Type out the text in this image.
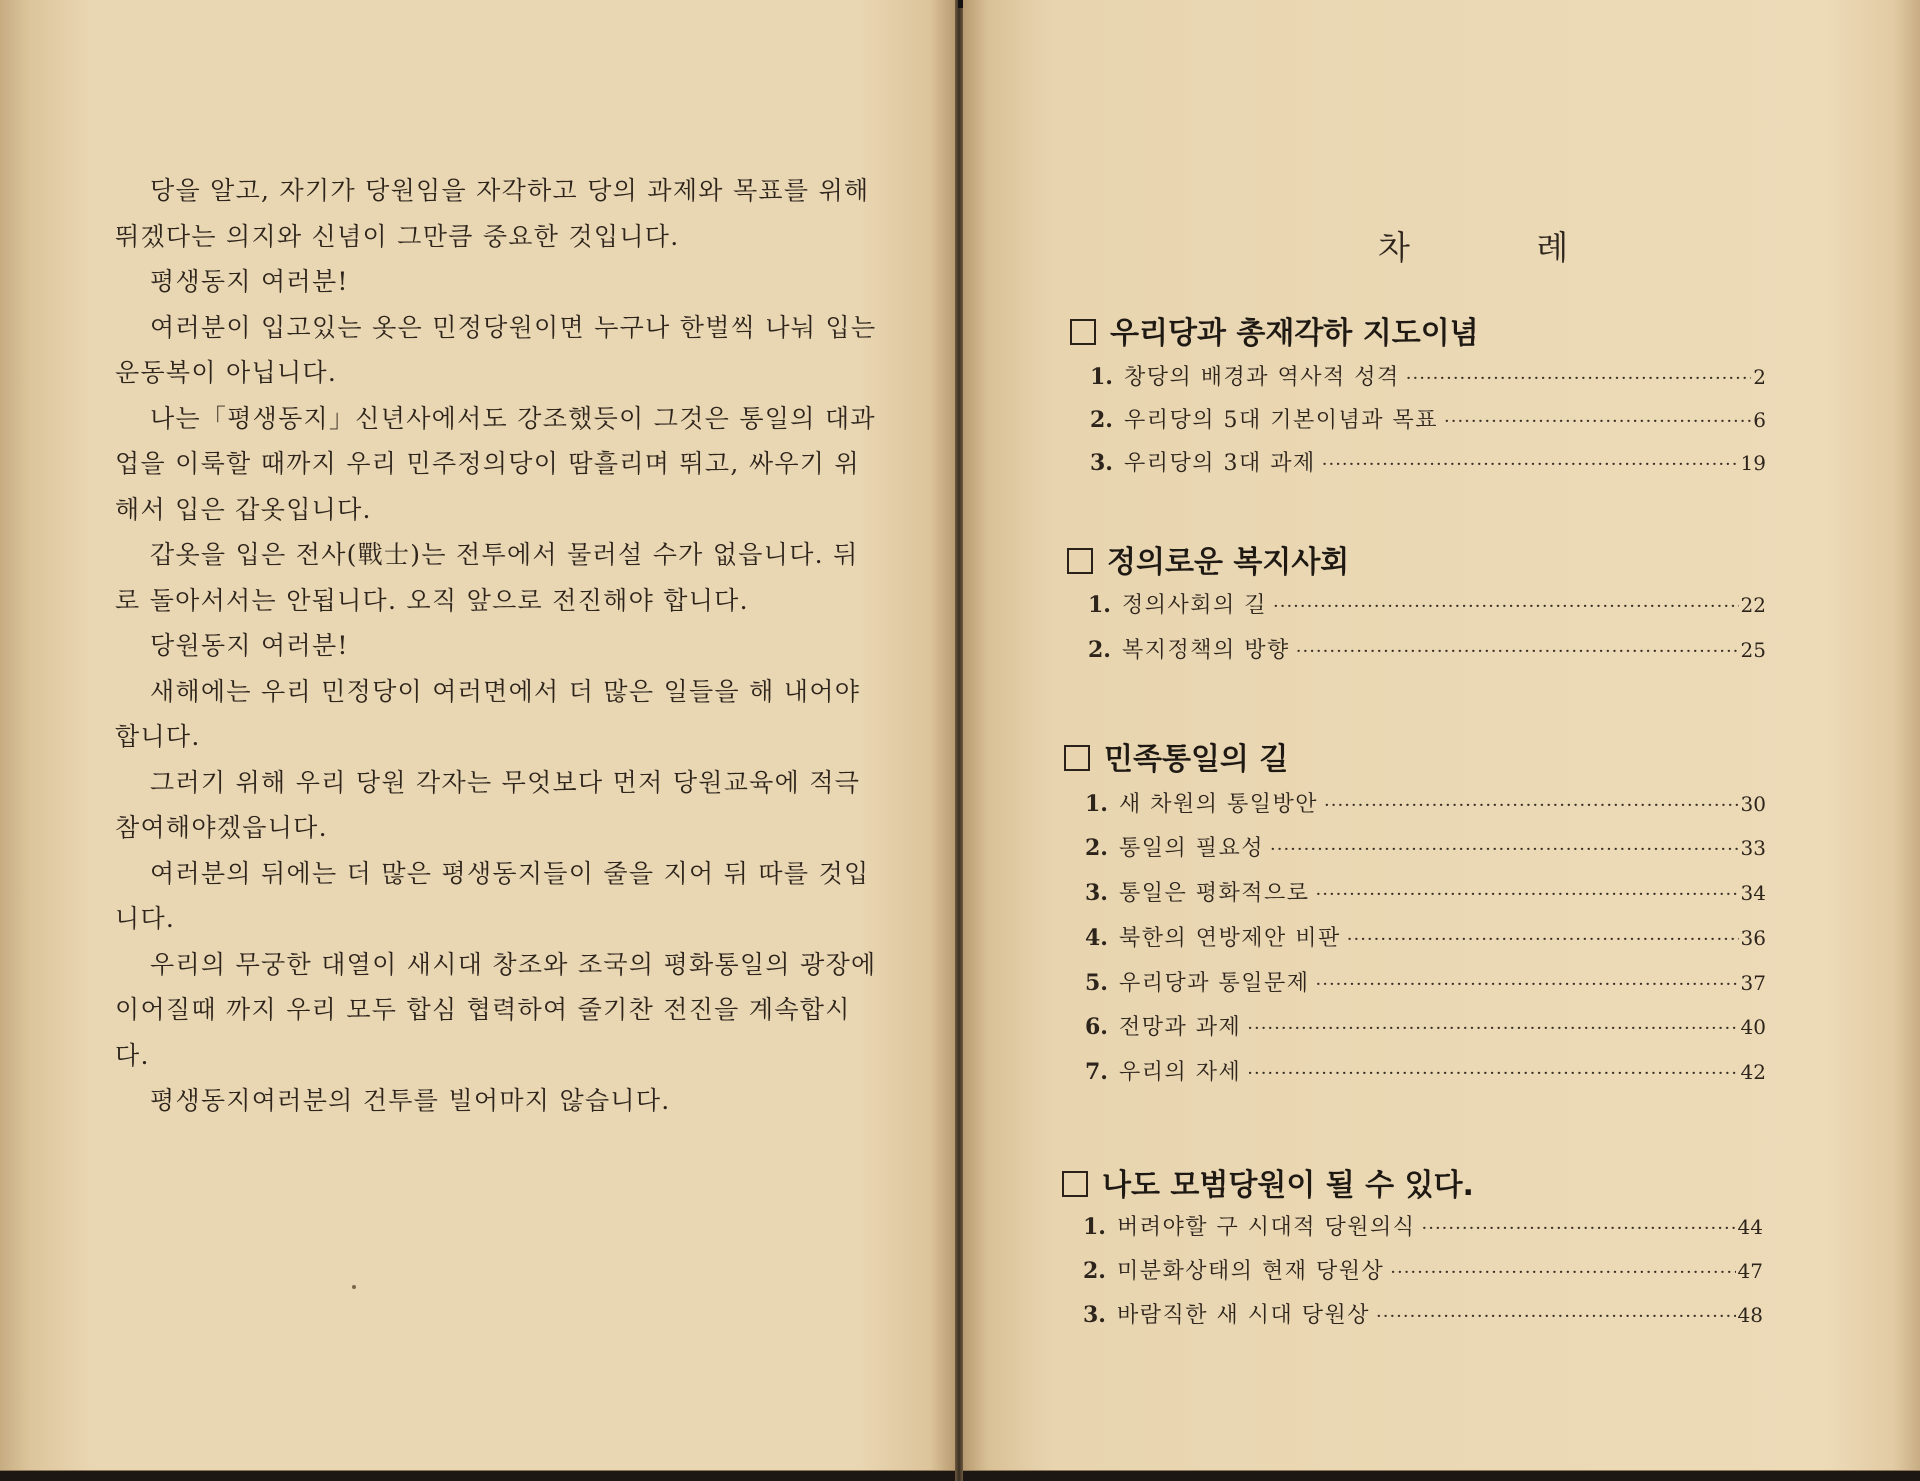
당을 알고, 자기가 당원임을 자각하고 당의 과제와 목표를 위해
뛰겠다는 의지와 신념이 그만큼 중요한 것입니다.
평생동지 여러분!
여러분이 입고있는 옷은 민정당원이면 누구나 한벌씩 나눠 입는
운동복이 아닙니다.
나는「평생동지」신년사에서도 강조했듯이 그것은 통일의 대과
업을 이룩할 때까지 우리 민주정의당이 땀흘리며 뛰고, 싸우기 위
해서 입은 갑옷입니다.
갑옷을 입은 전사(戰士)는 전투에서 물러설 수가 없읍니다. 뒤
로 돌아서서는 안됩니다. 오직 앞으로 전진해야 합니다.
당원동지 여러분!
새해에는 우리 민정당이 여러면에서 더 많은 일들을 해 내어야
합니다.
그러기 위해 우리 당원 각자는 무엇보다 먼저 당원교육에 적극
참여해야겠읍니다.
여러분의 뒤에는 더 많은 평생동지들이 줄을 지어 뒤 따를 것입
니다.
우리의 무궁한 대열이 새시대 창조와 조국의 평화통일의 광장에
이어질때 까지 우리 모두 합심 협력하여 줄기찬 전진을 계속합시
다.
평생동지여러분의 건투를 빌어마지 않습니다.
차 례
우리당과 총재각하 지도이념
1. 창당의 배경과 역사적 성격 ·····	2
2. 우리당의 5대 기본이념과 목표 ·····	6
3. 우리당의 3대 과제 ·····	19
정의로운 복지사회
1. 정의사회의 길 ·····	22
2. 복지정책의 방향 ·····	25
민족통일의 길
1. 새 차원의 통일방안 ·····	30
2. 통일의 필요성 ·····	33
3. 통일은 평화적으로 ·····	34
4. 북한의 연방제안 비판 ·····	36
5. 우리당과 통일문제 ·····	37
6. 전망과 과제 ·····	40
7. 우리의 자세 ·····	42
나도 모범당원이 될 수 있다.
1. 버려야할 구 시대적 당원의식 ·····	44
2. 미분화상태의 현재 당원상 ·····	47
3. 바람직한 새 시대 당원상 ·····	48
